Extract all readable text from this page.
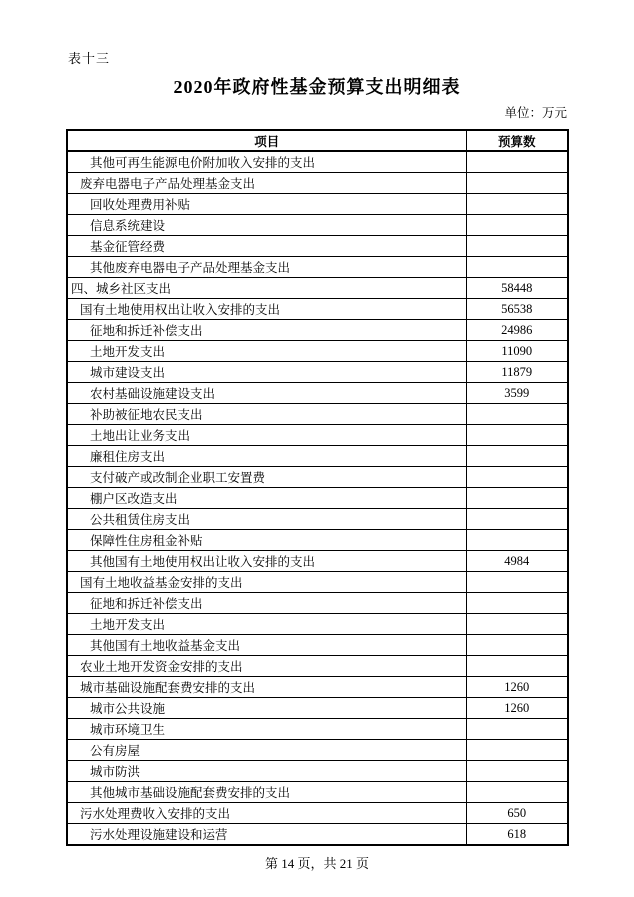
表十三
2020年政府性基金预算支出明细表
单位：万元
项目	预算数
其他可再生能源电价附加收入安排的支出	
废弃电器电子产品处理基金支出	
回收处理费用补贴	
信息系统建设	
基金征管经费	
其他废弃电器电子产品处理基金支出	
四、城乡社区支出	58448
国有土地使用权出让收入安排的支出	56538
征地和拆迁补偿支出	24986
土地开发支出	11090
城市建设支出	11879
农村基础设施建设支出	3599
补助被征地农民支出	
土地出让业务支出	
廉租住房支出	
支付破产或改制企业职工安置费	
棚户区改造支出	
公共租赁住房支出	
保障性住房租金补贴	
其他国有土地使用权出让收入安排的支出	4984
国有土地收益基金安排的支出	
征地和拆迁补偿支出	
土地开发支出	
其他国有土地收益基金支出	
农业土地开发资金安排的支出	
城市基础设施配套费安排的支出	1260
城市公共设施	1260
城市环境卫生	
公有房屋	
城市防洪	
其他城市基础设施配套费安排的支出	
污水处理费收入安排的支出	650
污水处理设施建设和运营	618
第 14 页，共 21 页
